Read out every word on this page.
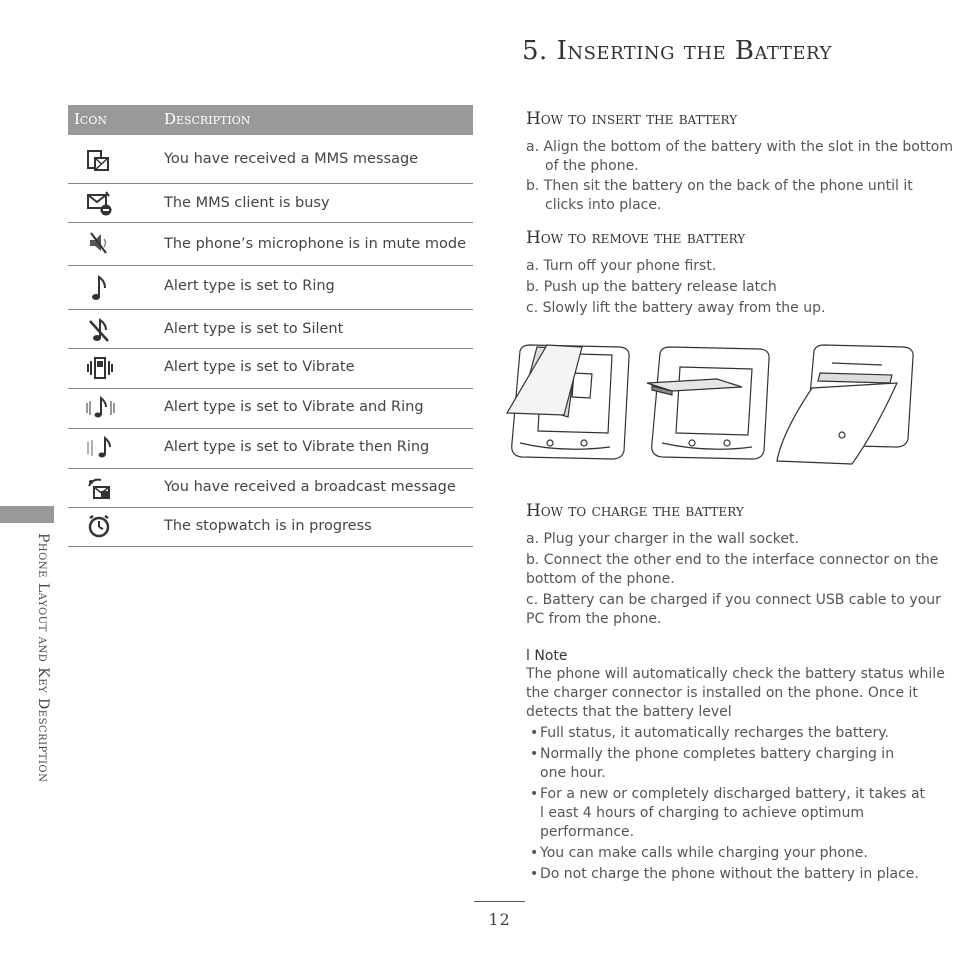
5. Inserting the Battery
Phone Layout and Key Description
Icon	Description
You have received a MMS message
The MMS client is busy
The phone’s microphone is in mute mode
Alert type is set to Ring
Alert type is set to Silent
Alert type is set to Vibrate
Alert type is set to Vibrate and Ring
Alert type is set to Vibrate then Ring
You have received a broadcast message
The stopwatch is in progress
How to insert the battery

a. Align the bottom of the battery with the slot in the bottom

of the phone.

b. Then sit the battery on the back of the phone until it

clicks into place.

How to remove the battery

a. Turn off your phone first.

b. Push up the battery release latch

c. Slowly lift the battery away from the up.

How to charge the battery

a. Plug your charger in the wall socket.

b. Connect the other end to the interface connector on the

bottom of the phone.

c. Battery can be charged if you connect USB cable to your

PC from the phone.

l Note

The phone will automatically check the battery status while

the charger connector is installed on the phone. Once it

detects that the battery level

• Full status, it automatically recharges the battery.
• Normally the phone completes battery charging in one hour.
• For a new or completely discharged battery, it takes at l east 4 hours of charging to achieve optimum performance.
• You can make calls while charging your phone.
• Do not charge the phone without the battery in place.
12
